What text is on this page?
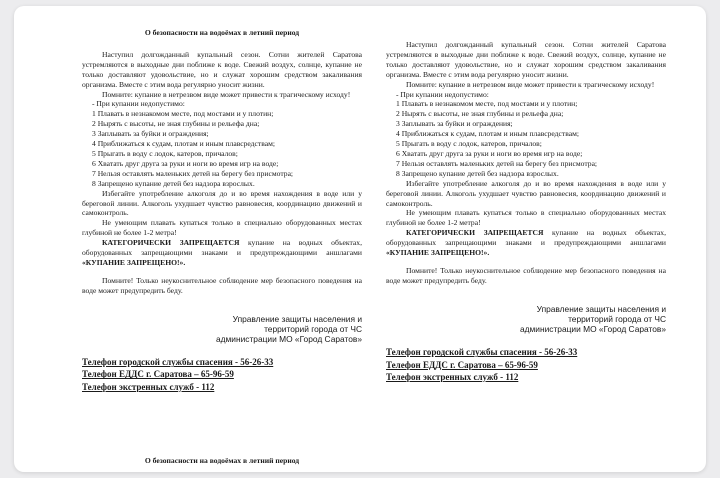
О безопасности на водоёмах в летний период

Наступил долгожданный купальный сезон. Сотни жителей Саратова устремляются в выходные дни поближе к воде. Свежий воздух, солнце, купание не только доставляют удовольствие, но и служат хорошим средством закаливания организма. Вместе с этим вода регулярно уносит жизни.

Помните: купание в нетрезвом виде может привести к трагическому исходу!

- При купании недопустимо:

1 Плавать в незнакомом месте, под мостами и у плотин;

2 Нырять с высоты, не зная глубины и рельефа дна;

3 Заплывать за буйки и ограждения;

4 Приближаться к судам, плотам и иным плавсредствам;

5 Прыгать в воду с лодок, катеров, причалов;

6 Хватать друг друга за руки и ноги во время игр на воде;

7 Нельзя оставлять маленьких детей на берегу без присмотра;

8 Запрещено купание детей без надзора взрослых.

Избегайте употребление алкоголя до и во время нахождения в воде или у береговой линии. Алкоголь ухудшает чувство равновесия, координацию движений и самоконтроль.

Не умеющим плавать купаться только в специально оборудованных местах глубиной не более 1-2 метра!

КАТЕГОРИЧЕСКИ ЗАПРЕЩАЕТСЯ купание на водных объектах, оборудованных запрещающими знаками и предупреждающими аншлагами «КУПАНИЕ ЗАПРЕЩЕНО!».

Помните! Только неукоснительное соблюдение мер безопасного поведения на воде может предупредить беду.

Управление защиты населения и
территорий города от ЧС
администрации МО «Город Саратов»
Телефон городской службы спасения - 56-26-33
Телефон ЕДДС г. Саратова – 65-96-59
Телефон экстренных служб - 112

Наступил долгожданный купальный сезон. Сотни жителей Саратова устремляются в выходные дни поближе к воде. Свежий воздух, солнце, купание не только доставляют удовольствие, но и служат хорошим средством закаливания организма. Вместе с этим вода регулярно уносит жизни.

Помните: купание в нетрезвом виде может привести к трагическому исходу!

- При купании недопустимо:

1 Плавать в незнакомом месте, под мостами и у плотин;

2 Нырять с высоты, не зная глубины и рельефа дна;

3 Заплывать за буйки и ограждения;

4 Приближаться к судам, плотам и иным плавсредствам;

5 Прыгать в воду с лодок, катеров, причалов;

6 Хватать друг друга за руки и ноги во время игр на воде;

7 Нельзя оставлять маленьких детей на берегу без присмотра;

8 Запрещено купание детей без надзора взрослых.

Избегайте употребление алкоголя до и во время нахождения в воде или у береговой линии. Алкоголь ухудшает чувство равновесия, координацию движений и самоконтроль.

Не умеющим плавать купаться только в специально оборудованных местах глубиной не более 1-2 метра!

КАТЕГОРИЧЕСКИ ЗАПРЕЩАЕТСЯ купание на водных объектах, оборудованных запрещающими знаками и предупреждающими аншлагами «КУПАНИЕ ЗАПРЕЩЕНО!».

Помните! Только неукоснительное соблюдение мер безопасного поведения на воде может предупредить беду.

Управление защиты населения и
территорий города от ЧС
администрации МО «Город Саратов»
Телефон городской службы спасения - 56-26-33
Телефон ЕДДС г. Саратова – 65-96-59
Телефон экстренных служб - 112
О безопасности на водоёмах в летний период
